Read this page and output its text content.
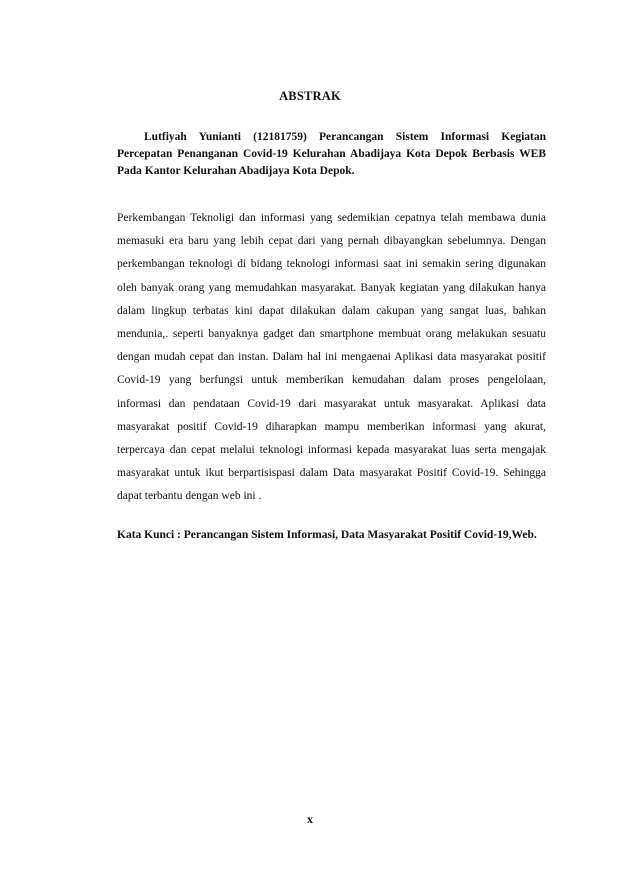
ABSTRAK
Lutfiyah Yunianti (12181759) Perancangan Sistem Informasi Kegiatan Percepatan Penanganan Covid-19 Kelurahan Abadijaya Kota Depok Berbasis WEB Pada Kantor Kelurahan Abadijaya Kota Depok.
Perkembangan Teknoligi dan informasi yang sedemikian cepatnya telah membawa dunia memasuki era baru yang lebih cepat dari yang pernah dibayangkan sebelumnya. Dengan perkembangan teknologi di bidang teknologi informasi saat ini semakin sering digunakan oleh banyak orang yang memudahkan masyarakat. Banyak kegiatan yang dilakukan hanya dalam lingkup terbatas kini dapat dilakukan dalam cakupan yang sangat luas, bahkan mendunia,. seperti banyaknya gadget dan smartphone membuat orang melakukan sesuatu dengan mudah cepat dan instan. Dalam hal ini mengaenai Aplikasi data masyarakat positif Covid-19 yang berfungsi untuk memberikan kemudahan dalam proses pengelolaan, informasi dan pendataan Covid-19 dari masyarakat untuk masyarakat. Aplikasi data masyarakat positif Covid-19 diharapkan mampu memberikan informasi yang akurat, terpercaya dan cepat melalui teknologi informasi kepada masyarakat luas serta mengajak masyarakat untuk ikut berpartisispasi dalam Data masyarakat Positif Covid-19. Sehingga dapat terbantu dengan web ini .
Kata Kunci : Perancangan Sistem Informasi, Data Masyarakat Positif Covid-19,Web.
x
